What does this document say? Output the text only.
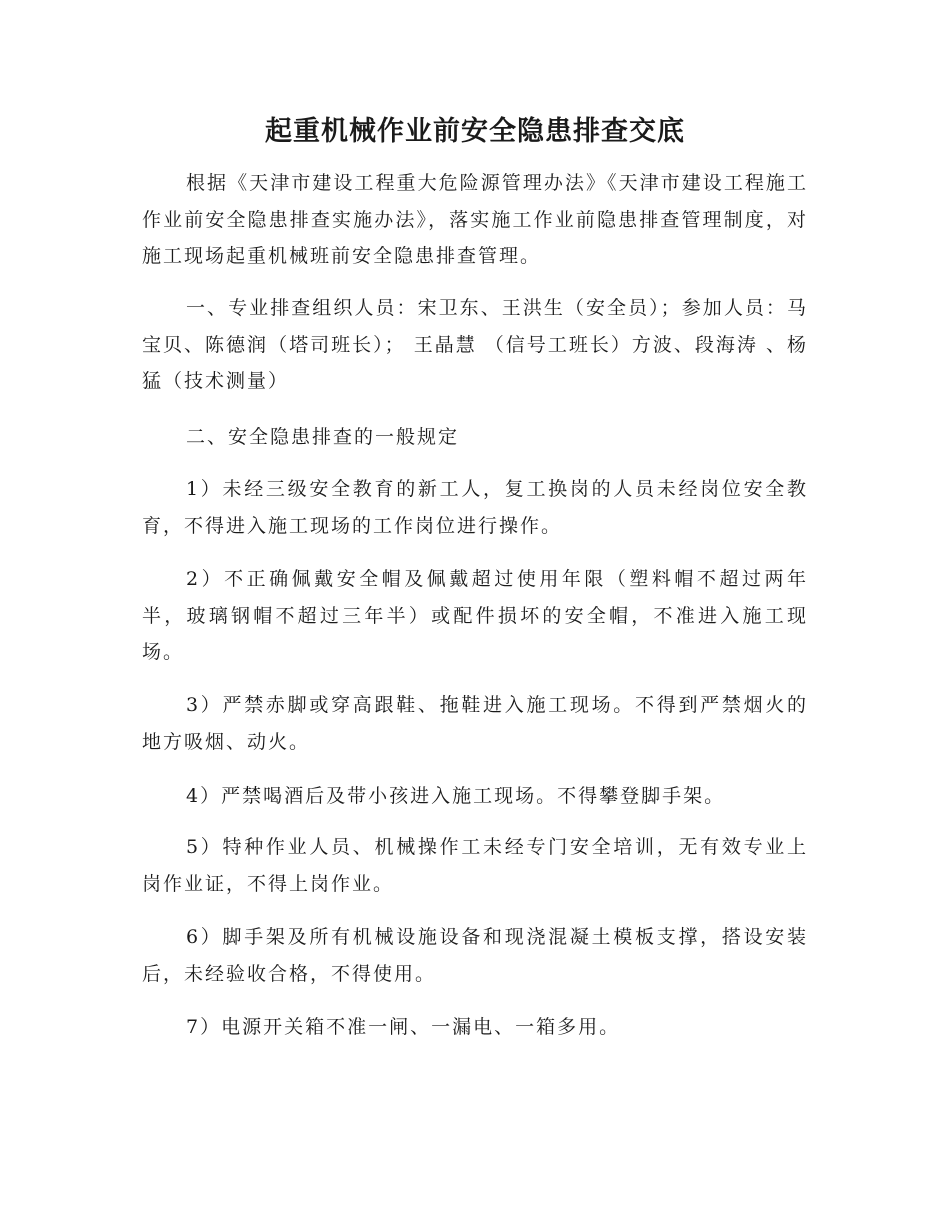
起重机械作业前安全隐患排查交底

根据《天津市建设工程重大危险源管理办法》《天津市建设工程施工作业前安全隐患排查实施办法》，落实施工作业前隐患排查管理制度，对施工现场起重机械班前安全隐患排查管理。

一、专业排查组织人员：宋卫东、王洪生（安全员）；参加人员：马宝贝、陈德润（塔司班长）； 王晶慧 （信号工班长）方波、段海涛 、杨猛（技术测量）

二、安全隐患排查的一般规定

1）未经三级安全教育的新工人，复工换岗的人员未经岗位安全教育，不得进入施工现场的工作岗位进行操作。

2）不正确佩戴安全帽及佩戴超过使用年限（塑料帽不超过两年半，玻璃钢帽不超过三年半）或配件损坏的安全帽，不准进入施工现场。

3）严禁赤脚或穿高跟鞋、拖鞋进入施工现场。不得到严禁烟火的地方吸烟、动火。

4）严禁喝酒后及带小孩进入施工现场。不得攀登脚手架。

5）特种作业人员、机械操作工未经专门安全培训，无有效专业上岗作业证，不得上岗作业。

6）脚手架及所有机械设施设备和现浇混凝土模板支撑，搭设安装后，未经验收合格，不得使用。

7）电源开关箱不准一闸、一漏电、一箱多用。
